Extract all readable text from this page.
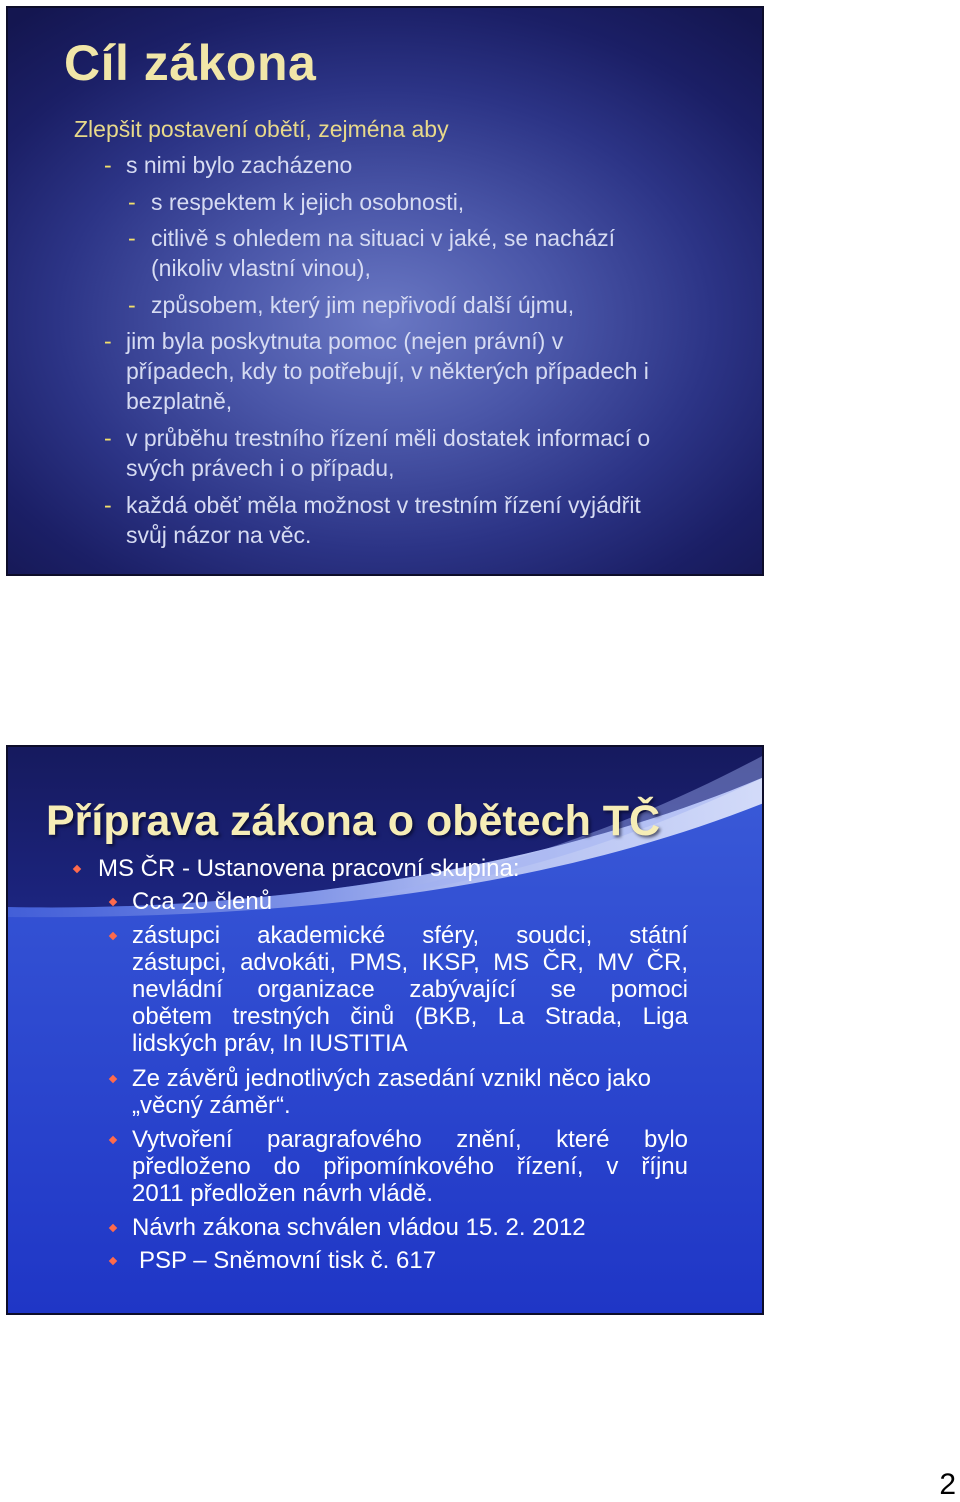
Cíl zákona
Zlepšit postavení obětí, zejména aby
- s nimi bylo zacházeno
- s respektem k jejich osobnosti,
- citlivě s ohledem na situaci v jaké, se nachází
(nikoliv vlastní vinou),
- způsobem, který jim nepřivodí další újmu,
- jim byla poskytnuta pomoc (nejen právní) v
případech, kdy to potřebují, v některých případech i
bezplatně,
- v průběhu trestního řízení měli dostatek informací o
svých právech i o případu,
- každá oběť měla možnost v trestním řízení vyjádřit
svůj názor na věc.
Příprava zákona o obětech TČ
MS ČR - Ustanovena pracovní skupina:
Cca 20 členů
zástupci akademické sféry, soudci, státní
zástupci, advokáti, PMS, IKSP, MS ČR, MV ČR,
nevládní organizace zabývající se pomoci
obětem trestných činů (BKB, La Strada, Liga
lidských práv, In IUSTITIA
Ze závěrů jednotlivých zasedání vznikl něco jako
„věcný záměr“.
Vytvoření paragrafového znění, které bylo
předloženo do připomínkového řízení, v říjnu
2011 předložen návrh vládě.
Návrh zákona schválen vládou 15. 2. 2012
PSP – Sněmovní tisk č. 617
2
